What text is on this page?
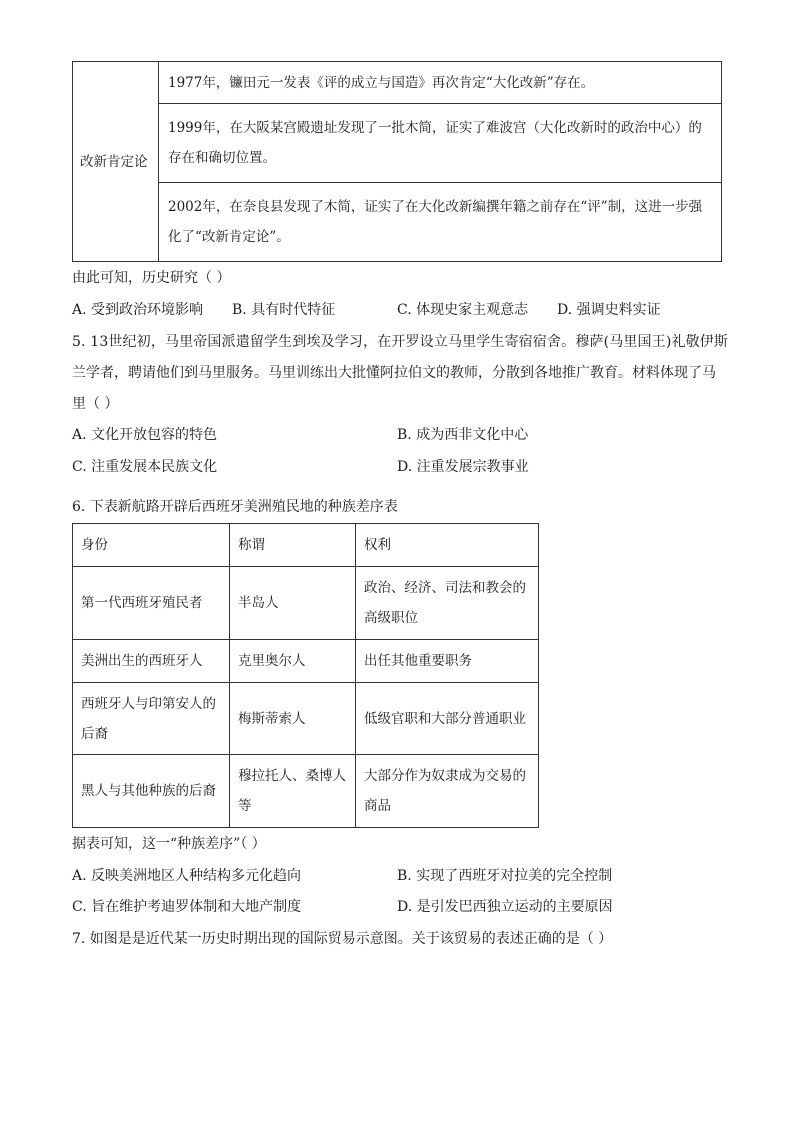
改新肯定论	1977年，镰田元一发表《评的成立与国造》再次肯定“大化改新”存在。
1999年，在大阪某宫殿遗址发现了一批木简，证实了难波宫（大化改新时的政治中心）的存在和确切位置。
2002年，在奈良县发现了木简，证实了在大化改新编撰年籍之前存在“评”制，这进一步强化了“改新肯定论”。
由此可知，历史研究（ ）
A. 受到政治环境影响 B. 具有时代特征	C. 体现史家主观意志 D. 强调史料实证
5. 13世纪初，马里帝国派遣留学生到埃及学习，在开罗设立马里学生寄宿宿舍。穆萨(马里国王)礼敬伊斯
兰学者，聘请他们到马里服务。马里训练出大批懂阿拉伯文的教师，分散到各地推广教育。材料体现了马
里（ ）
A. 文化开放包容的特色	B. 成为西非文化中心
C. 注重发展本民族文化	D. 注重发展宗教事业
6. 下表新航路开辟后西班牙美洲殖民地的种族差序表
身份	称谓	权利
第一代西班牙殖民者	半岛人	政治、经济、司法和教会的高级职位
美洲出生的西班牙人	克里奥尔人	出任其他重要职务
西班牙人与印第安人的后裔	梅斯蒂索人	低级官职和大部分普通职业
黑人与其他种族的后裔	穆拉托人、桑博人等	大部分作为奴隶成为交易的商品
据表可知，这一“种族差序”（ ）
A. 反映美洲地区人种结构多元化趋向	B. 实现了西班牙对拉美的完全控制
C. 旨在维护考迪罗体制和大地产制度	D. 是引发巴西独立运动的主要原因
7. 如图是是近代某一历史时期出现的国际贸易示意图。关于该贸易的表述正确的是（ ）
